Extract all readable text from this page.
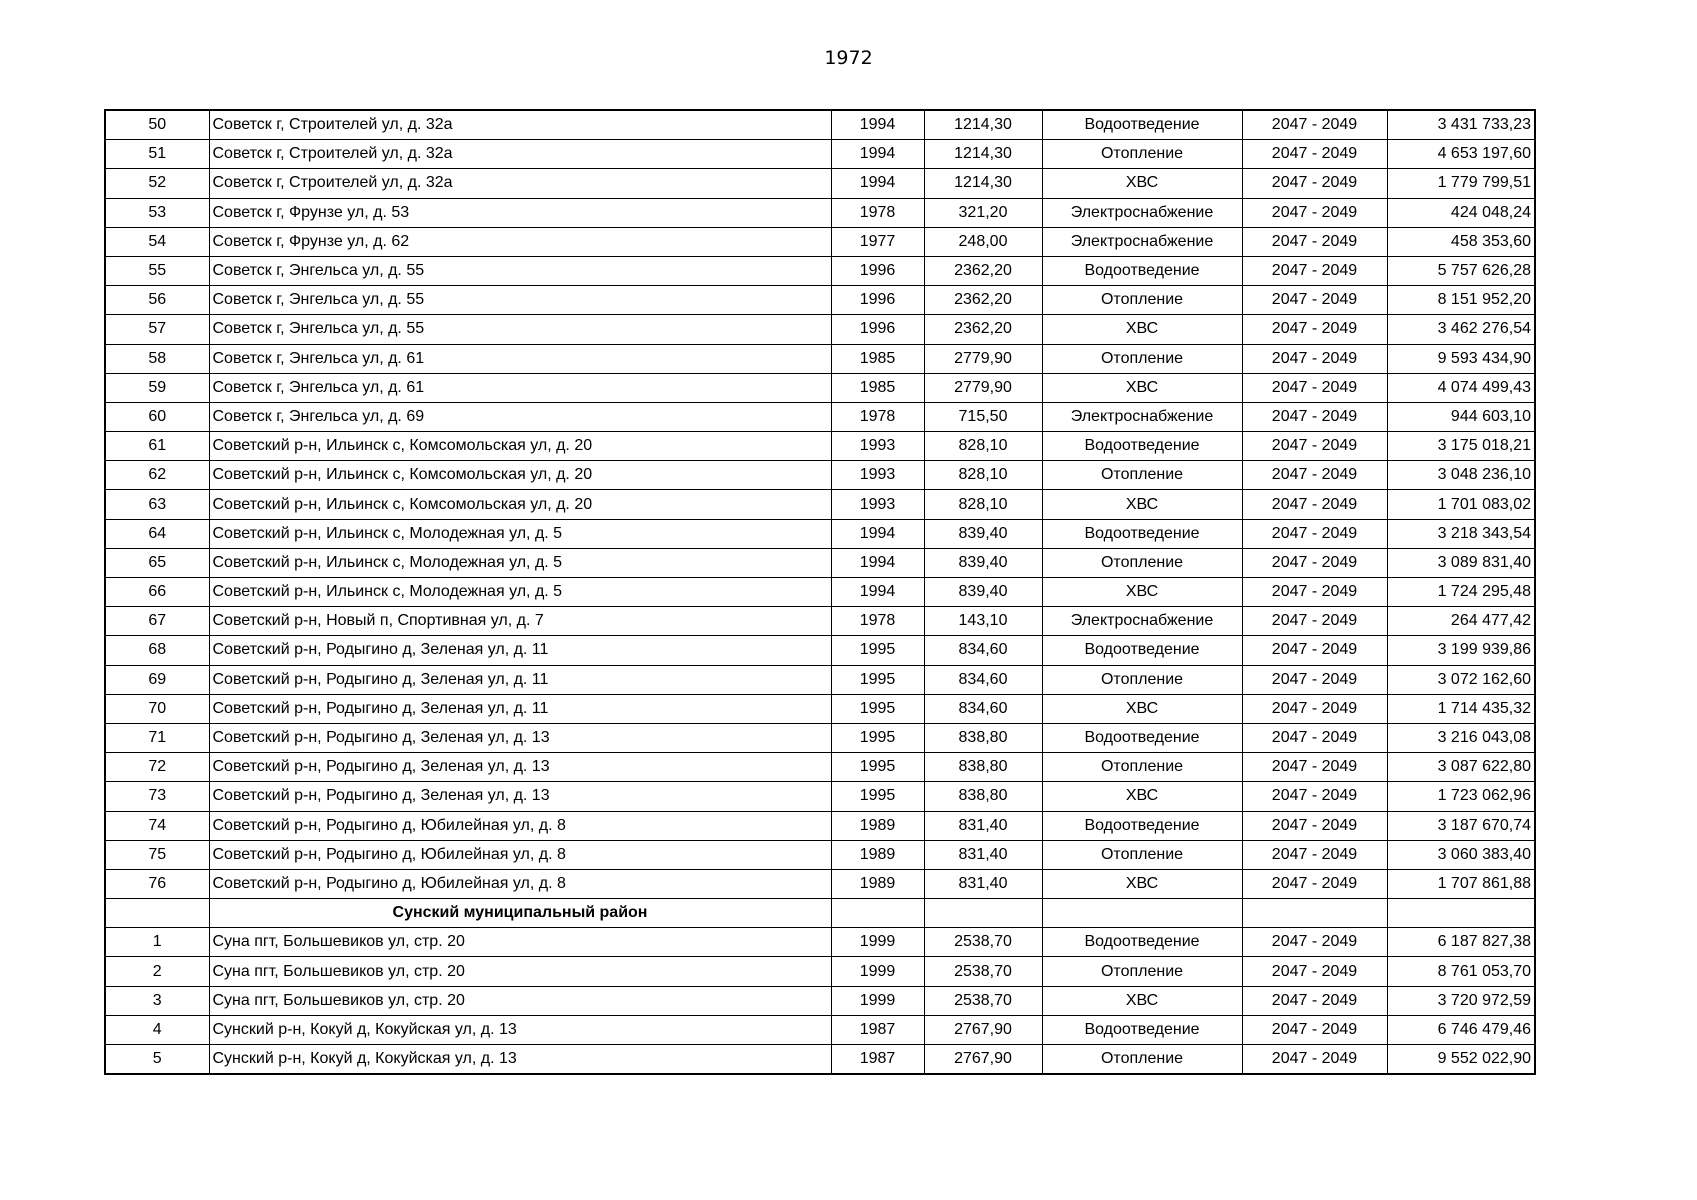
1972
50	Советск г, Строителей ул, д. 32а	1994	1214,30	Водоотведение	2047 - 2049	3 431 733,23
51	Советск г, Строителей ул, д. 32а	1994	1214,30	Отопление	2047 - 2049	4 653 197,60
52	Советск г, Строителей ул, д. 32а	1994	1214,30	ХВС	2047 - 2049	1 779 799,51
53	Советск г, Фрунзе ул, д. 53	1978	321,20	Электроснабжение	2047 - 2049	424 048,24
54	Советск г, Фрунзе ул, д. 62	1977	248,00	Электроснабжение	2047 - 2049	458 353,60
55	Советск г, Энгельса ул, д. 55	1996	2362,20	Водоотведение	2047 - 2049	5 757 626,28
56	Советск г, Энгельса ул, д. 55	1996	2362,20	Отопление	2047 - 2049	8 151 952,20
57	Советск г, Энгельса ул, д. 55	1996	2362,20	ХВС	2047 - 2049	3 462 276,54
58	Советск г, Энгельса ул, д. 61	1985	2779,90	Отопление	2047 - 2049	9 593 434,90
59	Советск г, Энгельса ул, д. 61	1985	2779,90	ХВС	2047 - 2049	4 074 499,43
60	Советск г, Энгельса ул, д. 69	1978	715,50	Электроснабжение	2047 - 2049	944 603,10
61	Советский р-н, Ильинск с, Комсомольская ул, д. 20	1993	828,10	Водоотведение	2047 - 2049	3 175 018,21
62	Советский р-н, Ильинск с, Комсомольская ул, д. 20	1993	828,10	Отопление	2047 - 2049	3 048 236,10
63	Советский р-н, Ильинск с, Комсомольская ул, д. 20	1993	828,10	ХВС	2047 - 2049	1 701 083,02
64	Советский р-н, Ильинск с, Молодежная ул, д. 5	1994	839,40	Водоотведение	2047 - 2049	3 218 343,54
65	Советский р-н, Ильинск с, Молодежная ул, д. 5	1994	839,40	Отопление	2047 - 2049	3 089 831,40
66	Советский р-н, Ильинск с, Молодежная ул, д. 5	1994	839,40	ХВС	2047 - 2049	1 724 295,48
67	Советский р-н, Новый п, Спортивная ул, д. 7	1978	143,10	Электроснабжение	2047 - 2049	264 477,42
68	Советский р-н, Родыгино д, Зеленая ул, д. 11	1995	834,60	Водоотведение	2047 - 2049	3 199 939,86
69	Советский р-н, Родыгино д, Зеленая ул, д. 11	1995	834,60	Отопление	2047 - 2049	3 072 162,60
70	Советский р-н, Родыгино д, Зеленая ул, д. 11	1995	834,60	ХВС	2047 - 2049	1 714 435,32
71	Советский р-н, Родыгино д, Зеленая ул, д. 13	1995	838,80	Водоотведение	2047 - 2049	3 216 043,08
72	Советский р-н, Родыгино д, Зеленая ул, д. 13	1995	838,80	Отопление	2047 - 2049	3 087 622,80
73	Советский р-н, Родыгино д, Зеленая ул, д. 13	1995	838,80	ХВС	2047 - 2049	1 723 062,96
74	Советский р-н, Родыгино д, Юбилейная ул, д. 8	1989	831,40	Водоотведение	2047 - 2049	3 187 670,74
75	Советский р-н, Родыгино д, Юбилейная ул, д. 8	1989	831,40	Отопление	2047 - 2049	3 060 383,40
76	Советский р-н, Родыгино д, Юбилейная ул, д. 8	1989	831,40	ХВС	2047 - 2049	1 707 861,88
	Сунский муниципальный район					
1	Суна пгт, Большевиков ул, стр. 20	1999	2538,70	Водоотведение	2047 - 2049	6 187 827,38
2	Суна пгт, Большевиков ул, стр. 20	1999	2538,70	Отопление	2047 - 2049	8 761 053,70
3	Суна пгт, Большевиков ул, стр. 20	1999	2538,70	ХВС	2047 - 2049	3 720 972,59
4	Сунский р-н, Кокуй д, Кокуйская ул, д. 13	1987	2767,90	Водоотведение	2047 - 2049	6 746 479,46
5	Сунский р-н, Кокуй д, Кокуйская ул, д. 13	1987	2767,90	Отопление	2047 - 2049	9 552 022,90
